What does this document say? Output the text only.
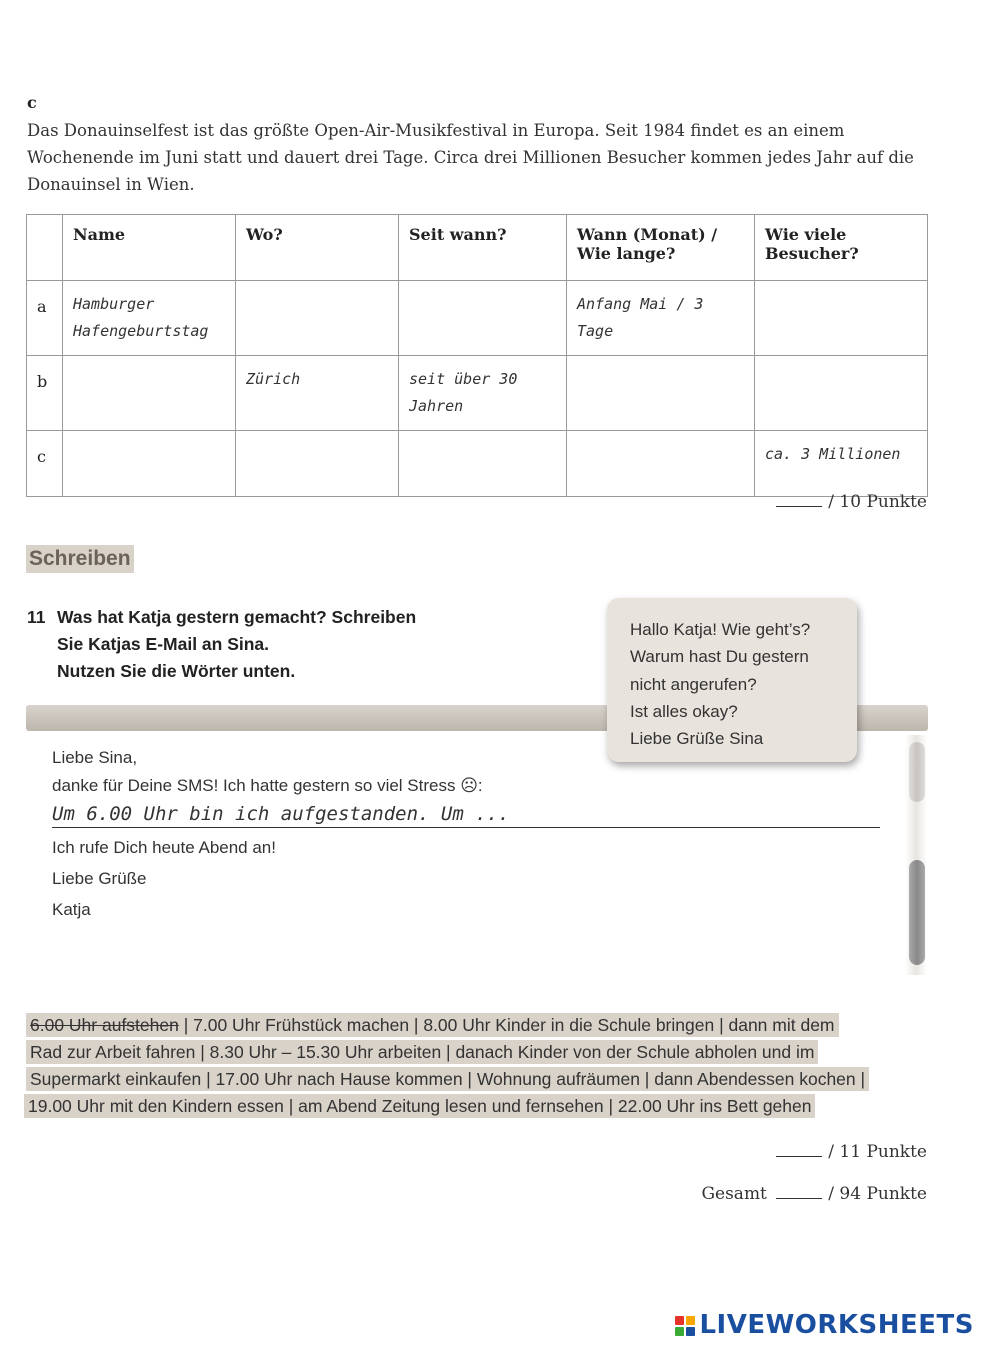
c
Das Donauinselfest ist das größte Open-Air-Musikfestival in Europa. Seit 1984 findet es an einem Wochenende im Juni statt und dauert drei Tage. Circa drei Millionen Besucher kommen jedes Jahr auf die Donauinsel in Wien.
	Name	Wo?	Seit wann?	Wann (Monat) / Wie lange?	Wie viele Besucher?
a	Hamburger Hafengeburtstag			Anfang Mai / 3 Tage	
b		Zürich	seit über 30 Jahren		
c					ca. 3 Millionen
/ 10 Punkte
Schreiben
11 Was hat Katja gestern gemacht? Schreiben
Sie Katjas E-Mail an Sina.
Nutzen Sie die Wörter unten.
Hallo Katja! Wie geht’s?
Warum hast Du gestern
nicht angerufen?
Ist alles okay?
Liebe Grüße Sina
Liebe Sina,
danke für Deine SMS! Ich hatte gestern so viel Stress ☹:
Ich rufe Dich heute Abend an!
Liebe Grüße
Katja
Um 6.00 Uhr bin ich aufgestanden. Um ...
6.00 Uhr aufstehen | 7.00 Uhr Frühstück machen | 8.00 Uhr Kinder in die Schule bringen | dann mit dem
Rad zur Arbeit fahren | 8.30 Uhr – 15.30 Uhr arbeiten | danach Kinder von der Schule abholen und im
Supermarkt einkaufen | 17.00 Uhr nach Hause kommen | Wohnung aufräumen | dann Abendessen kochen |
19.00 Uhr mit den Kindern essen | am Abend Zeitung lesen und fernsehen | 22.00 Uhr ins Bett gehen
/ 11 Punkte
Gesamt	/ 94 Punkte
LIVEWORKSHEETS
